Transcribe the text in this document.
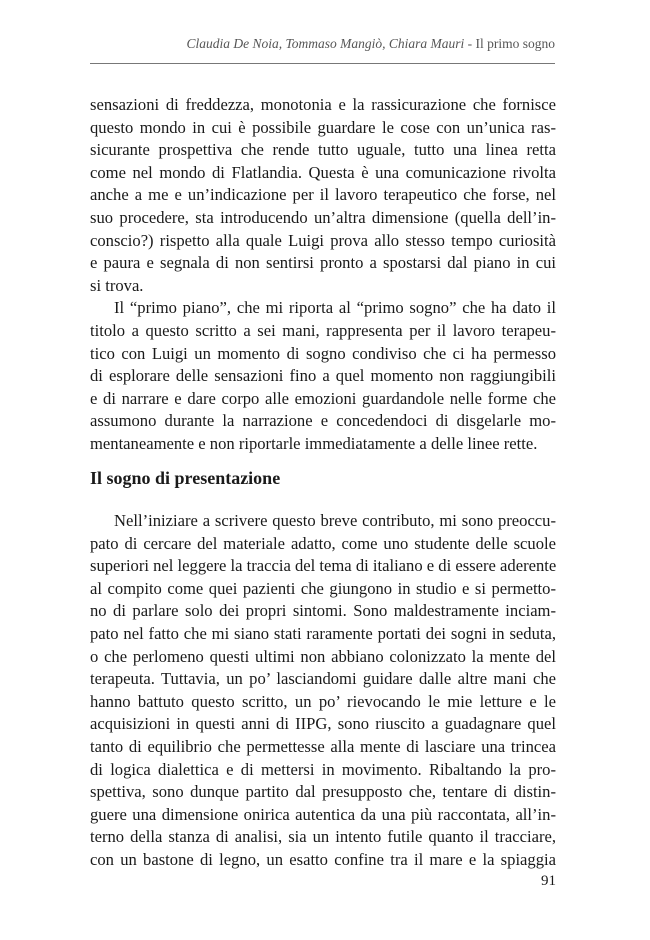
Claudia De Noia, Tommaso Mangiò, Chiara Mauri - Il primo sogno
sensazioni di freddezza, monotonia e la rassicurazione che fornisce
questo mondo in cui è possibile guardare le cose con un’unica ras-
sicurante prospettiva che rende tutto uguale, tutto una linea retta
come nel mondo di Flatlandia. Questa è una comunicazione rivolta
anche a me e un’indicazione per il lavoro terapeutico che forse, nel
suo procedere, sta introducendo un’altra dimensione (quella dell’in-
conscio?) rispetto alla quale Luigi prova allo stesso tempo curiosità
e paura e segnala di non sentirsi pronto a spostarsi dal piano in cui
si trova.
Il “primo piano”, che mi riporta al “primo sogno” che ha dato il
titolo a questo scritto a sei mani, rappresenta per il lavoro terapeu-
tico con Luigi un momento di sogno condiviso che ci ha permesso
di esplorare delle sensazioni fino a quel momento non raggiungibili
e di narrare e dare corpo alle emozioni guardandole nelle forme che
assumono durante la narrazione e concedendoci di disgelarle mo-
mentaneamente e non riportarle immediatamente a delle linee rette.
Il sogno di presentazione
Nell’iniziare a scrivere questo breve contributo, mi sono preoccu-
pato di cercare del materiale adatto, come uno studente delle scuole
superiori nel leggere la traccia del tema di italiano e di essere aderente
al compito come quei pazienti che giungono in studio e si permetto-
no di parlare solo dei propri sintomi. Sono maldestramente inciam-
pato nel fatto che mi siano stati raramente portati dei sogni in seduta,
o che perlomeno questi ultimi non abbiano colonizzato la mente del
terapeuta. Tuttavia, un po’ lasciandomi guidare dalle altre mani che
hanno battuto questo scritto, un po’ rievocando le mie letture e le
acquisizioni in questi anni di IIPG, sono riuscito a guadagnare quel
tanto di equilibrio che permettesse alla mente di lasciare una trincea
di logica dialettica e di mettersi in movimento. Ribaltando la pro-
spettiva, sono dunque partito dal presupposto che, tentare di distin-
guere una dimensione onirica autentica da una più raccontata, all’in-
terno della stanza di analisi, sia un intento futile quanto il tracciare,
con un bastone di legno, un esatto confine tra il mare e la spiaggia
91
